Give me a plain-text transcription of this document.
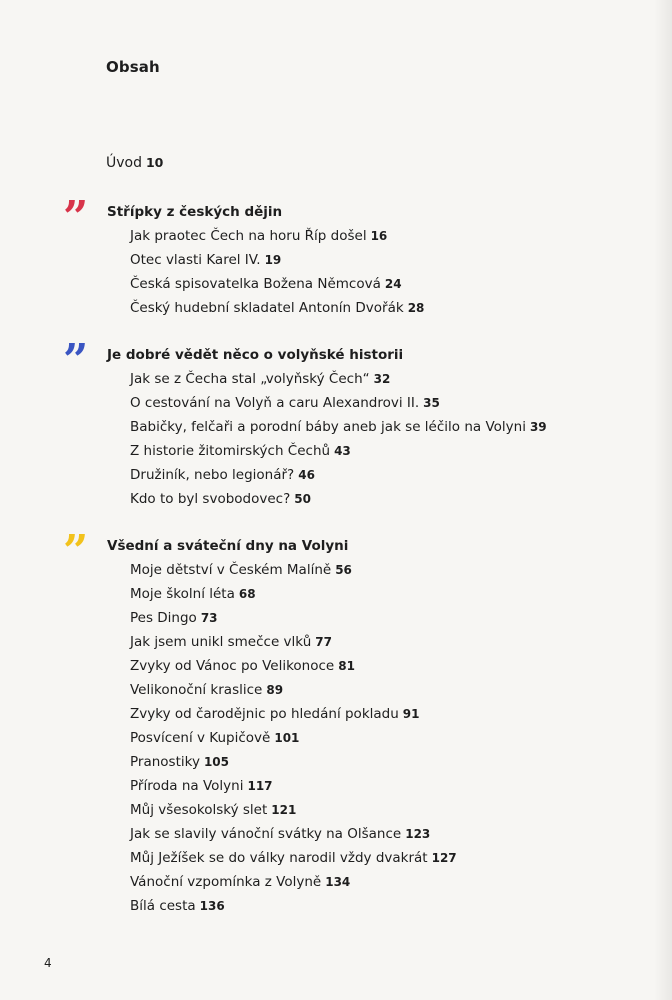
Obsah
Úvod 10
” Střípky z českých dějin
Jak praotec Čech na horu Říp došel 16
Otec vlasti Karel IV. 19
Česká spisovatelka Božena Němcová 24
Český hudební skladatel Antonín Dvořák 28
” Je dobré vědět něco o volyňské historii
Jak se z Čecha stal „volyňský Čech“ 32
O cestování na Volyň a caru Alexandrovi II. 35
Babičky, felčaři a porodní báby aneb jak se léčilo na Volyni 39
Z historie žitomirských Čechů 43
Družiník, nebo legionář? 46
Kdo to byl svobodovec? 50
” Všední a sváteční dny na Volyni
Moje dětství v Českém Malíně 56
Moje školní léta 68
Pes Dingo 73
Jak jsem unikl smečce vlků 77
Zvyky od Vánoc po Velikonoce 81
Velikonoční kraslice 89
Zvyky od čarodějnic po hledání pokladu 91
Posvícení v Kupičově 101
Pranostiky 105
Příroda na Volyni 117
Můj všesokolský slet 121
Jak se slavily vánoční svátky na Olšance 123
Můj Ježíšek se do války narodil vždy dvakrát 127
Vánoční vzpomínka z Volyně 134
Bílá cesta 136
4
